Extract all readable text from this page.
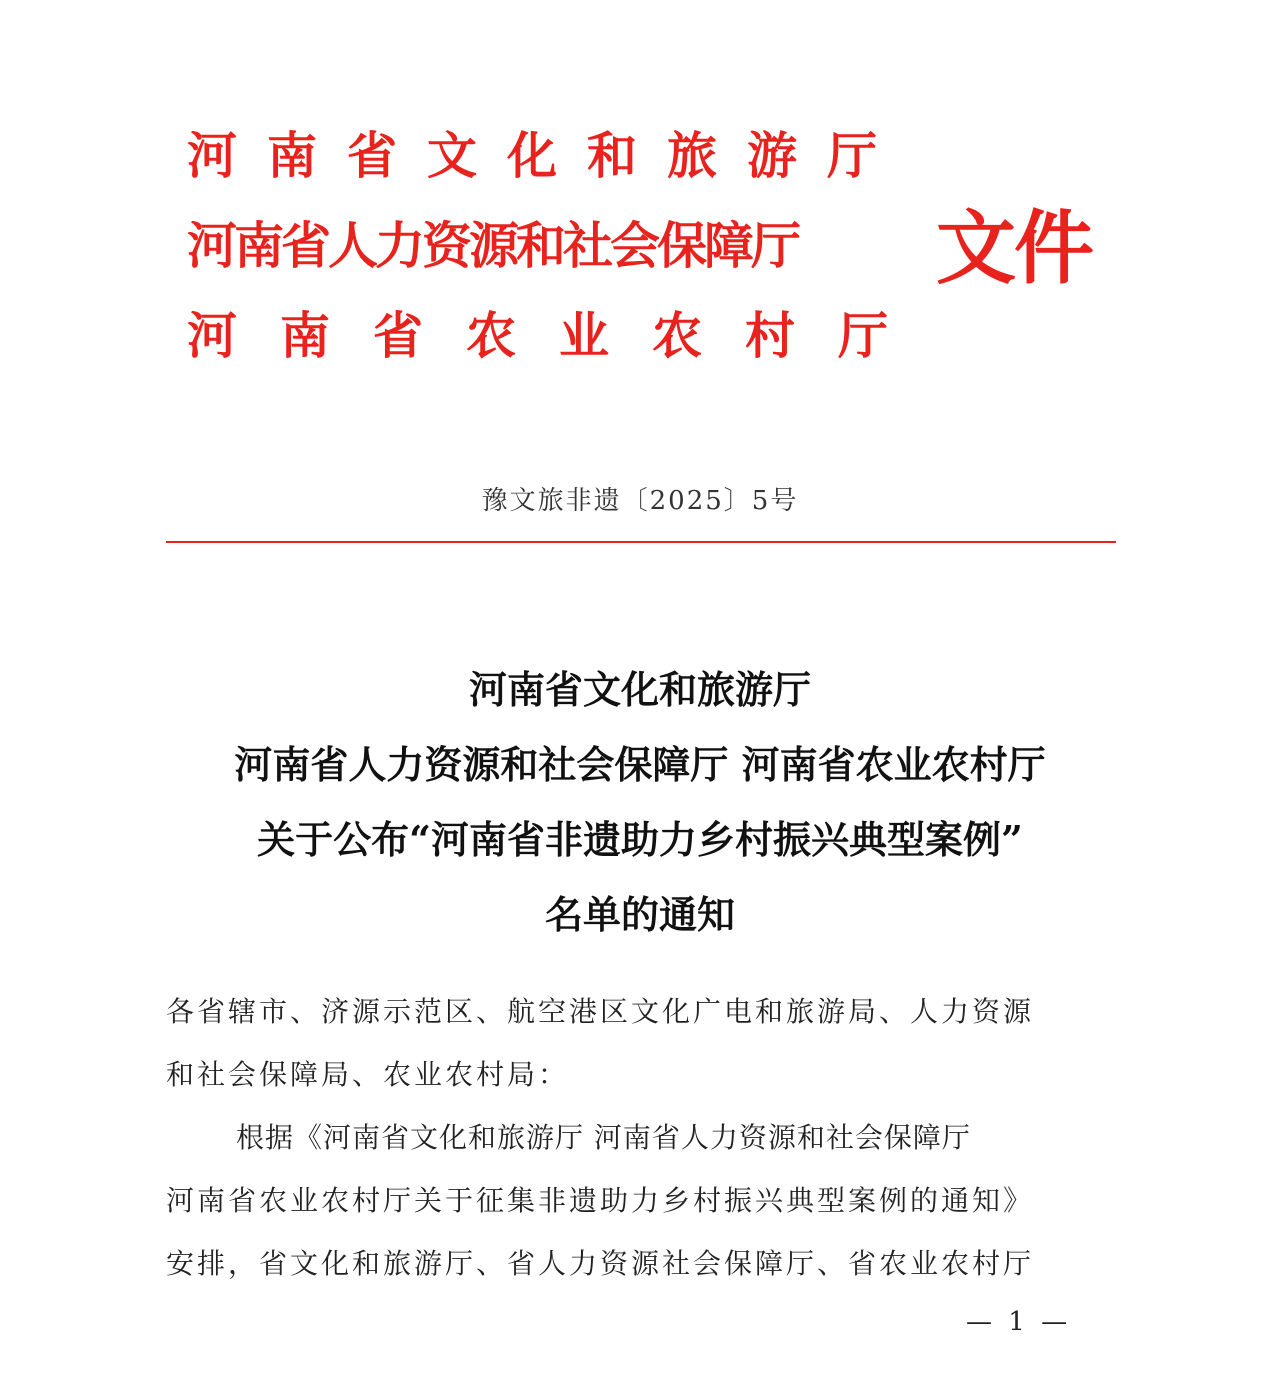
河南省文化和旅游厅
河南省人力资源和社会保障厅
河南省农业农村厅
文件
豫文旅非遗〔2025〕5号
河南省文化和旅游厅
河南省人力资源和社会保障厅 河南省农业农村厅
关于公布“河南省非遗助力乡村振兴典型案例”
名单的通知
各省辖市、济源示范区、航空港区文化广电和旅游局、人力资源
和社会保障局、农业农村局：
根据《河南省文化和旅游厅 河南省人力资源和社会保障厅
河南省农业农村厅关于征集非遗助力乡村振兴典型案例的通知》
安排，省文化和旅游厅、省人力资源社会保障厅、省农业农村厅
— 1 —
